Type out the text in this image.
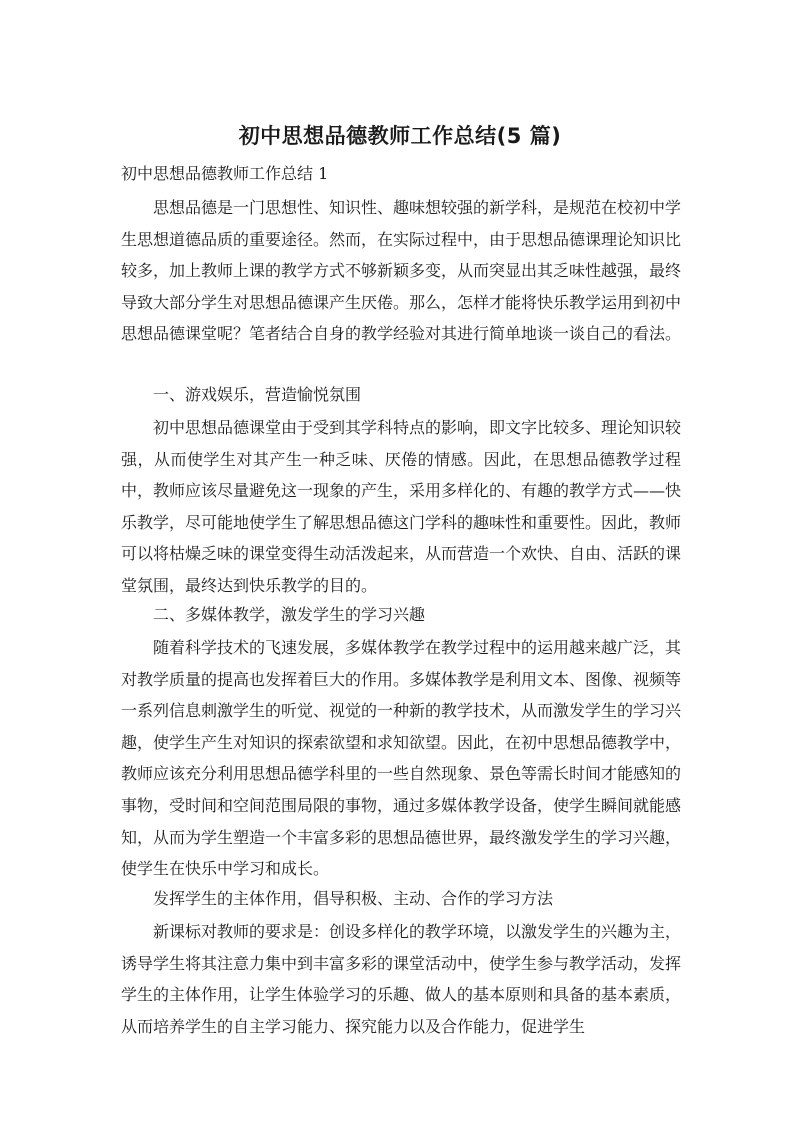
初中思想品德教师工作总结(5 篇)

初中思想品德教师工作总结 1

思想品德是一门思想性、知识性、趣味想较强的新学科，是规范在校初中学生思想道德品质的重要途径。然而，在实际过程中，由于思想品德课理论知识比较多，加上教师上课的教学方式不够新颖多变，从而突显出其乏味性越强，最终导致大部分学生对思想品德课产生厌倦。那么，怎样才能将快乐教学运用到初中思想品德课堂呢？笔者结合自身的教学经验对其进行简单地谈一谈自己的看法。

一、游戏娱乐，营造愉悦氛围

初中思想品德课堂由于受到其学科特点的影响，即文字比较多、理论知识较强，从而使学生对其产生一种乏味、厌倦的情感。因此，在思想品德教学过程中，教师应该尽量避免这一现象的产生，采用多样化的、有趣的教学方式——快乐教学，尽可能地使学生了解思想品德这门学科的趣味性和重要性。因此，教师可以将枯燥乏味的课堂变得生动活泼起来，从而营造一个欢快、自由、活跃的课堂氛围，最终达到快乐教学的目的。

二、多媒体教学，激发学生的学习兴趣

随着科学技术的飞速发展，多媒体教学在教学过程中的运用越来越广泛，其对教学质量的提高也发挥着巨大的作用。多媒体教学是利用文本、图像、视频等一系列信息刺激学生的听觉、视觉的一种新的教学技术，从而激发学生的学习兴趣，使学生产生对知识的探索欲望和求知欲望。因此，在初中思想品德教学中，教师应该充分利用思想品德学科里的一些自然现象、景色等需长时间才能感知的事物，受时间和空间范围局限的事物，通过多媒体教学设备，使学生瞬间就能感知，从而为学生塑造一个丰富多彩的思想品德世界，最终激发学生的学习兴趣，使学生在快乐中学习和成长。

发挥学生的主体作用，倡导积极、主动、合作的学习方法

新课标对教师的要求是：创设多样化的教学环境，以激发学生的兴趣为主，诱导学生将其注意力集中到丰富多彩的课堂活动中，使学生参与教学活动，发挥学生的主体作用，让学生体验学习的乐趣、做人的基本原则和具备的基本素质，从而培养学生的自主学习能力、探究能力以及合作能力，促进学生
